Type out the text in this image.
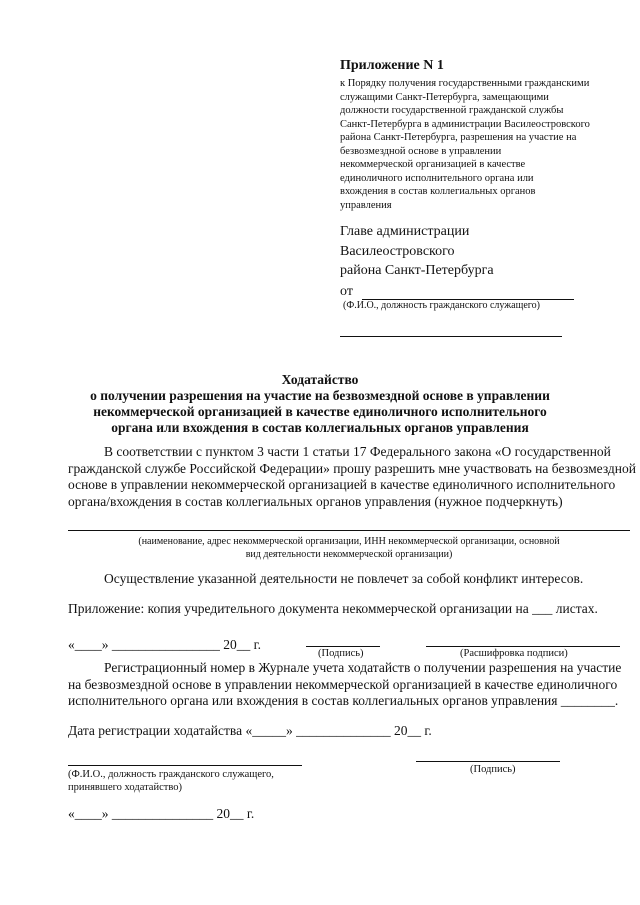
Приложение N 1
к Порядку получения государственными гражданскими
служащими Санкт-Петербурга, замещающими
должности государственной гражданской службы
Санкт-Петербурга в администрации Василеостровского
района Санкт-Петербурга, разрешения на участие на
безвозмездной основе в управлении
некоммерческой организацией в качестве
единоличного исполнительного органа или
вхождения в состав коллегиальных органов
управления
Главе администрации
Василеостровского
района Санкт-Петербурга
от
(Ф.И.О., должность гражданского служащего)
Ходатайство
о получении разрешения на участие на безвозмездной основе в управлении
некоммерческой организацией в качестве единоличного исполнительного
органа или вхождения в состав коллегиальных органов управления
В соответствии с пунктом 3 части 1 статьи 17 Федерального закона «О государственной
гражданской службе Российской Федерации» прошу разрешить мне участвовать на безвозмездной
основе в управлении некоммерческой организацией в качестве единоличного исполнительного
органа/вхождения в состав коллегиальных органов управления (нужное подчеркнуть)
(наименование, адрес некоммерческой организации, ИНН некоммерческой организации, основной
вид деятельности некоммерческой организации)
Осуществление указанной деятельности не повлечет за собой конфликт интересов.
Приложение: копия учредительного документа некоммерческой организации на ___ листах.
«____» ________________ 20__ г.
(Подпись)	(Расшифровка подписи)
Регистрационный номер в Журнале учета ходатайств о получении разрешения на участие
на безвозмездной основе в управлении некоммерческой организацией в качестве единоличного
исполнительного органа или вхождения в состав коллегиальных органов управления ________.
Дата регистрации ходатайства «_____» ______________ 20__ г.
(Ф.И.О., должность гражданского служащего,
принявшего ходатайство)
(Подпись)
«____» _______________ 20__ г.
